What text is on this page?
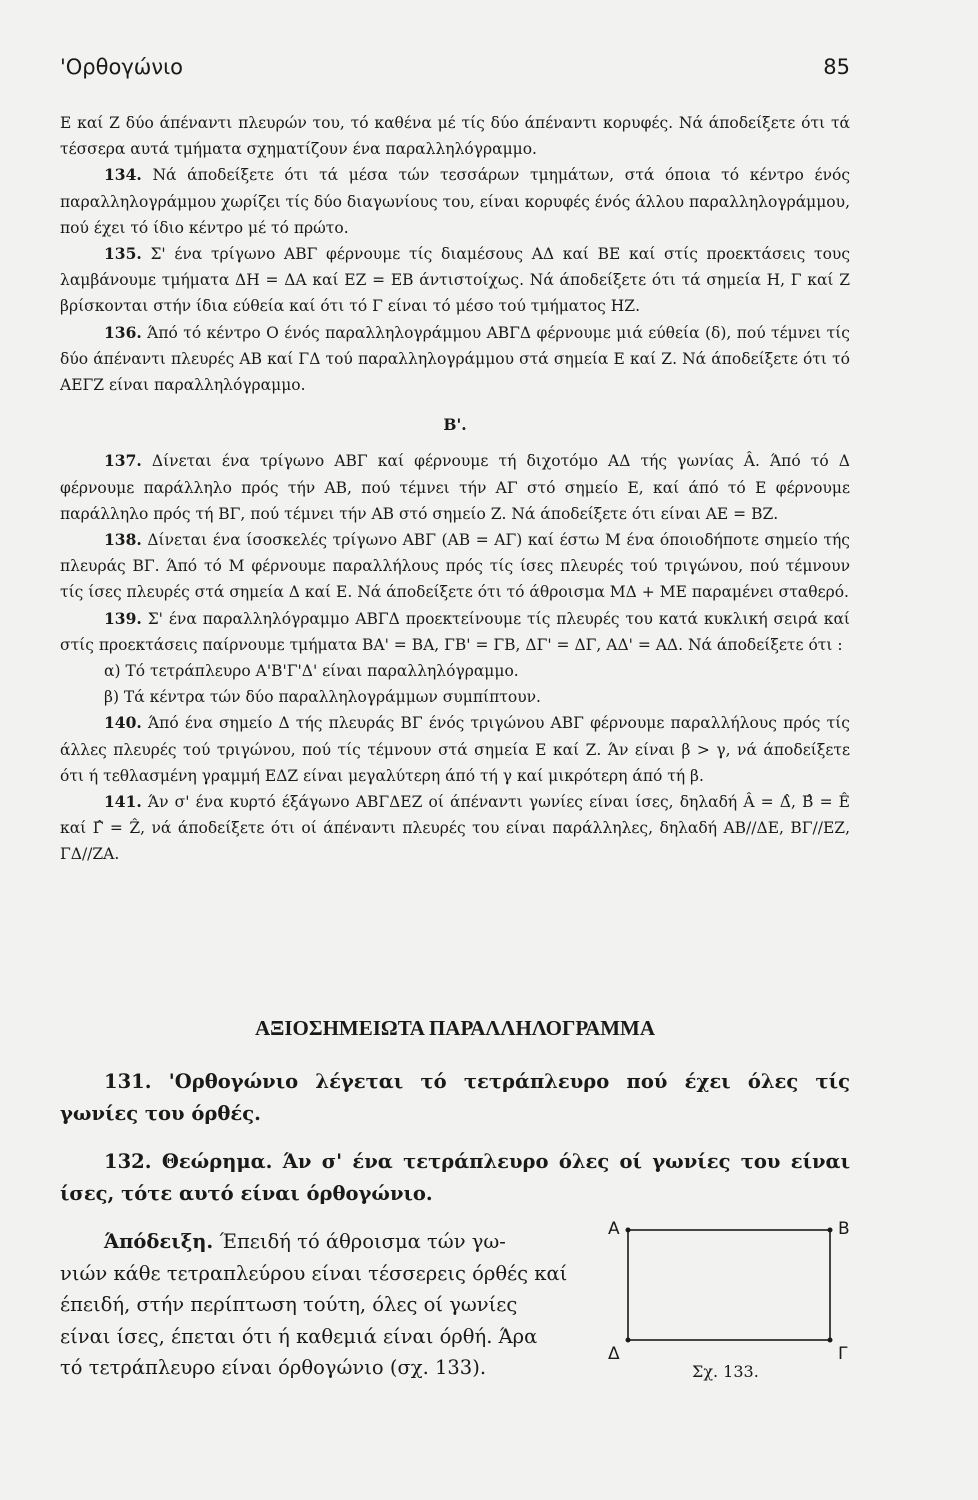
'Ορθογώνιο	85

Ε καί Ζ δύο άπέναντι πλευρών του, τό καθένα μέ τίς δύο άπέναντι κορυφές. Νά άποδείξετε ότι τά τέσσερα αυτά τμήματα σχηματίζουν ένα παραλληλόγραμμο.

134. Νά άποδείξετε ότι τά μέσα τών τεσσάρων τμημάτων, στά όποια τό κέντρο ένός παραλληλογράμμου χωρίζει τίς δύο διαγωνίους του, είναι κορυφές ένός άλλου παραλληλογράμμου, πού έχει τό ίδιο κέντρο μέ τό πρώτο.

135. Σ' ένα τρίγωνο ΑΒΓ φέρνουμε τίς διαμέσους ΑΔ καί ΒΕ καί στίς προεκτάσεις τους λαμβάνουμε τμήματα ΔΗ = ΔΑ καί ΕΖ = ΕΒ άντιστοίχως. Νά άποδείξετε ότι τά σημεία Η, Γ καί Ζ βρίσκονται στήν ίδια εύθεία καί ότι τό Γ είναι τό μέσο τού τμήματος ΗΖ.

136. Άπό τό κέντρο Ο ένός παραλληλογράμμου ΑΒΓΔ φέρνουμε μιά εύθεία (δ), πού τέμνει τίς δύο άπέναντι πλευρές ΑΒ καί ΓΔ τού παραλληλογράμμου στά σημεία Ε καί Ζ. Νά άποδείξετε ότι τό ΑΕΓΖ είναι παραλληλόγραμμο.

Β'.

137. Δίνεται ένα τρίγωνο ΑΒΓ καί φέρνουμε τή διχοτόμο ΑΔ τής γωνίας Â. Άπό τό Δ φέρνουμε παράλληλο πρός τήν ΑΒ, πού τέμνει τήν ΑΓ στό σημείο Ε, καί άπό τό Ε φέρνουμε παράλληλο πρός τή ΒΓ, πού τέμνει τήν ΑΒ στό σημείο Ζ. Νά άποδείξετε ότι είναι ΑΕ = ΒΖ.

138. Δίνεται ένα ίσοσκελές τρίγωνο ΑΒΓ (ΑΒ = ΑΓ) καί έστω Μ ένα όποιοδήποτε σημείο τής πλευράς ΒΓ. Άπό τό Μ φέρνουμε παραλλήλους πρός τίς ίσες πλευρές τού τριγώνου, πού τέμνουν τίς ίσες πλευρές στά σημεία Δ καί Ε. Νά άποδείξετε ότι τό άθροισμα ΜΔ + ΜΕ παραμένει σταθερό.

139. Σ' ένα παραλληλόγραμμο ΑΒΓΔ προεκτείνουμε τίς πλευρές του κατά κυκλική σειρά καί στίς προεκτάσεις παίρνουμε τμήματα ΒΑ' = ΒΑ, ΓΒ' = ΓΒ, ΔΓ' = ΔΓ, ΑΔ' = ΑΔ. Νά άποδείξετε ότι :

α) Τό τετράπλευρο Α'Β'Γ'Δ' είναι παραλληλόγραμμο.

β) Τά κέντρα τών δύο παραλληλογράμμων συμπίπτουν.

140. Άπό ένα σημείο Δ τής πλευράς ΒΓ ένός τριγώνου ΑΒΓ φέρνουμε παραλλήλους πρός τίς άλλες πλευρές τού τριγώνου, πού τίς τέμνουν στά σημεία Ε καί Ζ. Άν είναι β > γ, νά άποδείξετε ότι ή τεθλασμένη γραμμή ΕΔΖ είναι μεγαλύτερη άπό τή γ καί μικρότερη άπό τή β.

141. Άν σ' ένα κυρτό έξάγωνο ΑΒΓΔΕΖ οί άπέναντι γωνίες είναι ίσες, δηλαδή Â = Δ̂, Β̂ = Ê καί Γ̂ = Ẑ, νά άποδείξετε ότι οί άπέναντι πλευρές του είναι παράλληλες, δηλαδή ΑΒ//ΔΕ, ΒΓ//ΕΖ, ΓΔ//ΖΑ.

ΑΞΙΟΣΗΜΕΙΩΤΑ ΠΑΡΑΛΛΗΛΟΓΡΑΜΜΑ

131. 'Ορθογώνιο λέγεται τό τετράπλευρο πού έχει όλες τίς γωνίες του όρθές.

132. Θεώρημα. Άν σ' ένα τετράπλευρο όλες οί γωνίες του είναι ίσες, τότε αυτό είναι όρθογώνιο.

Άπόδειξη. Έπειδή τό άθροισμα τών γω-

νιών κάθε τετραπλεύρου είναι τέσσερεις όρθές καί

έπειδή, στήν περίπτωση τούτη, όλες οί γωνίες

είναι ίσες, έπεται ότι ή καθεμιά είναι όρθή. Άρα

τό τετράπλευρο είναι όρθογώνιο (σχ. 133).

Α	Β
Γ
Δ
Σχ. 133.
